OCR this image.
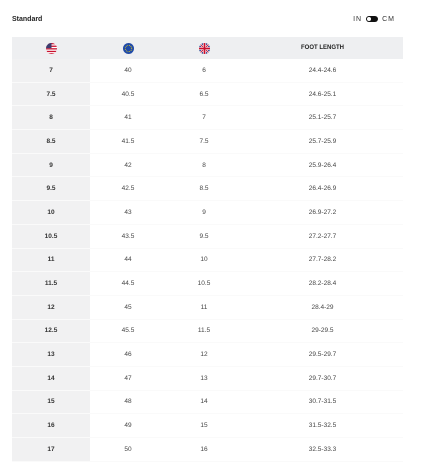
Standard	IN	CM
			FOOT LENGTH
7	40	6	24.4-24.6
7.5	40.5	6.5	24.6-25.1
8	41	7	25.1-25.7
8.5	41.5	7.5	25.7-25.9
9	42	8	25.9-26.4
9.5	42.5	8.5	26.4-26.9
10	43	9	26.9-27.2
10.5	43.5	9.5	27.2-27.7
11	44	10	27.7-28.2
11.5	44.5	10.5	28.2-28.4
12	45	11	28.4-29
12.5	45.5	11.5	29-29.5
13	46	12	29.5-29.7
14	47	13	29.7-30.7
15	48	14	30.7-31.5
16	49	15	31.5-32.5
17	50	16	32.5-33.3
